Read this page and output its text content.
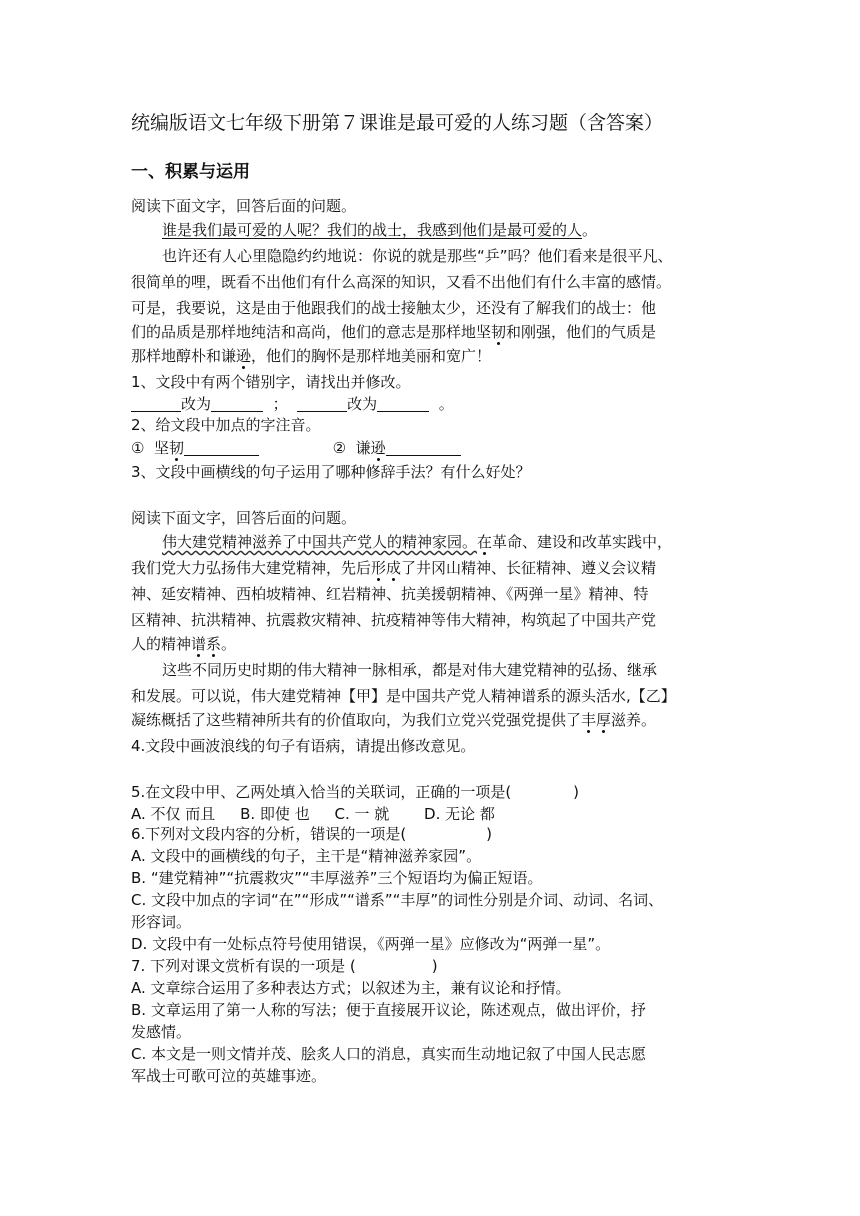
统编版语文七年级下册第７课谁是最可爱的人练习题（含答案）
一、积累与运用
阅读下面文字，回答后面的问题。
谁是我们最可爱的人呢？我们的战士，我感到他们是最可爱的人。
也许还有人心里隐隐约约地说：你说的就是那些“乒”吗？他们看来是很平凡、
很简单的哩，既看不出他们有什么高深的知识，又看不出他们有什么丰富的感情。
可是，我要说，这是由于他跟我们的战士接触太少，还没有了解我们的战士：他
们的品质是那样地纯洁和高尚，他们的意志是那样地坚韧和刚强，他们的气质是
那样地醇朴和谦逊，他们的胸怀是那样地美丽和宽广！
1、文段中有两个错别字，请找出并修改。
改为	；	改为	。
2、给文段中加点的字注音。
① 坚韧	② 谦逊
3、文段中画横线的句子运用了哪种修辞手法？有什么好处？
阅读下面文字，回答后面的问题。
伟大建党精神滋养了中国共产党人的精神家园。在革命、建设和改革实践中，
我们党大力弘扬伟大建党精神，先后形成了井冈山精神、长征精神、遵义会议精
神、延安精神、西柏坡精神、红岩精神、抗美援朝精神、《两弹一星》精神、特
区精神、抗洪精神、抗震救灾精神、抗疫精神等伟大精神，构筑起了中国共产党
人的精神谱系。
这些不同历史时期的伟大精神一脉相承，都是对伟大建党精神的弘扬、继承
和发展。可以说，伟大建党精神【甲】是中国共产党人精神谱系的源头活水,【乙】
凝练概括了这些精神所共有的价值取向，为我们立党兴党强党提供了丰厚滋养。
4.文段中画波浪线的句子有语病，请提出修改意见。
5.在文段中甲、乙两处填入恰当的关联词，正确的一项是(	)
A. 不仅 而且 B. 即使 也 C. 一 就 D. 无论 都
6.下列对文段内容的分析，错误的一项是(	)
A. 文段中的画横线的句子，主干是“精神滋养家园”。
B. “建党精神”“抗震救灾”“丰厚滋养”三个短语均为偏正短语。
C. 文段中加点的字词“在”“形成”“谱系”“丰厚”的词性分别是介词、动词、名词、
形容词。
D. 文段中有一处标点符号使用错误，《两弹一星》应修改为“两弹一星”。
7. 下列对课文赏析有误的一项是 (	)
A. 文章综合运用了多种表达方式；以叙述为主，兼有议论和抒情。
B. 文章运用了第一人称的写法；便于直接展开议论，陈述观点，做出评价，抒
发感情。
C. 本文是一则文情并茂、脍炙人口的消息，真实而生动地记叙了中国人民志愿
军战士可歌可泣的英雄事迹。
